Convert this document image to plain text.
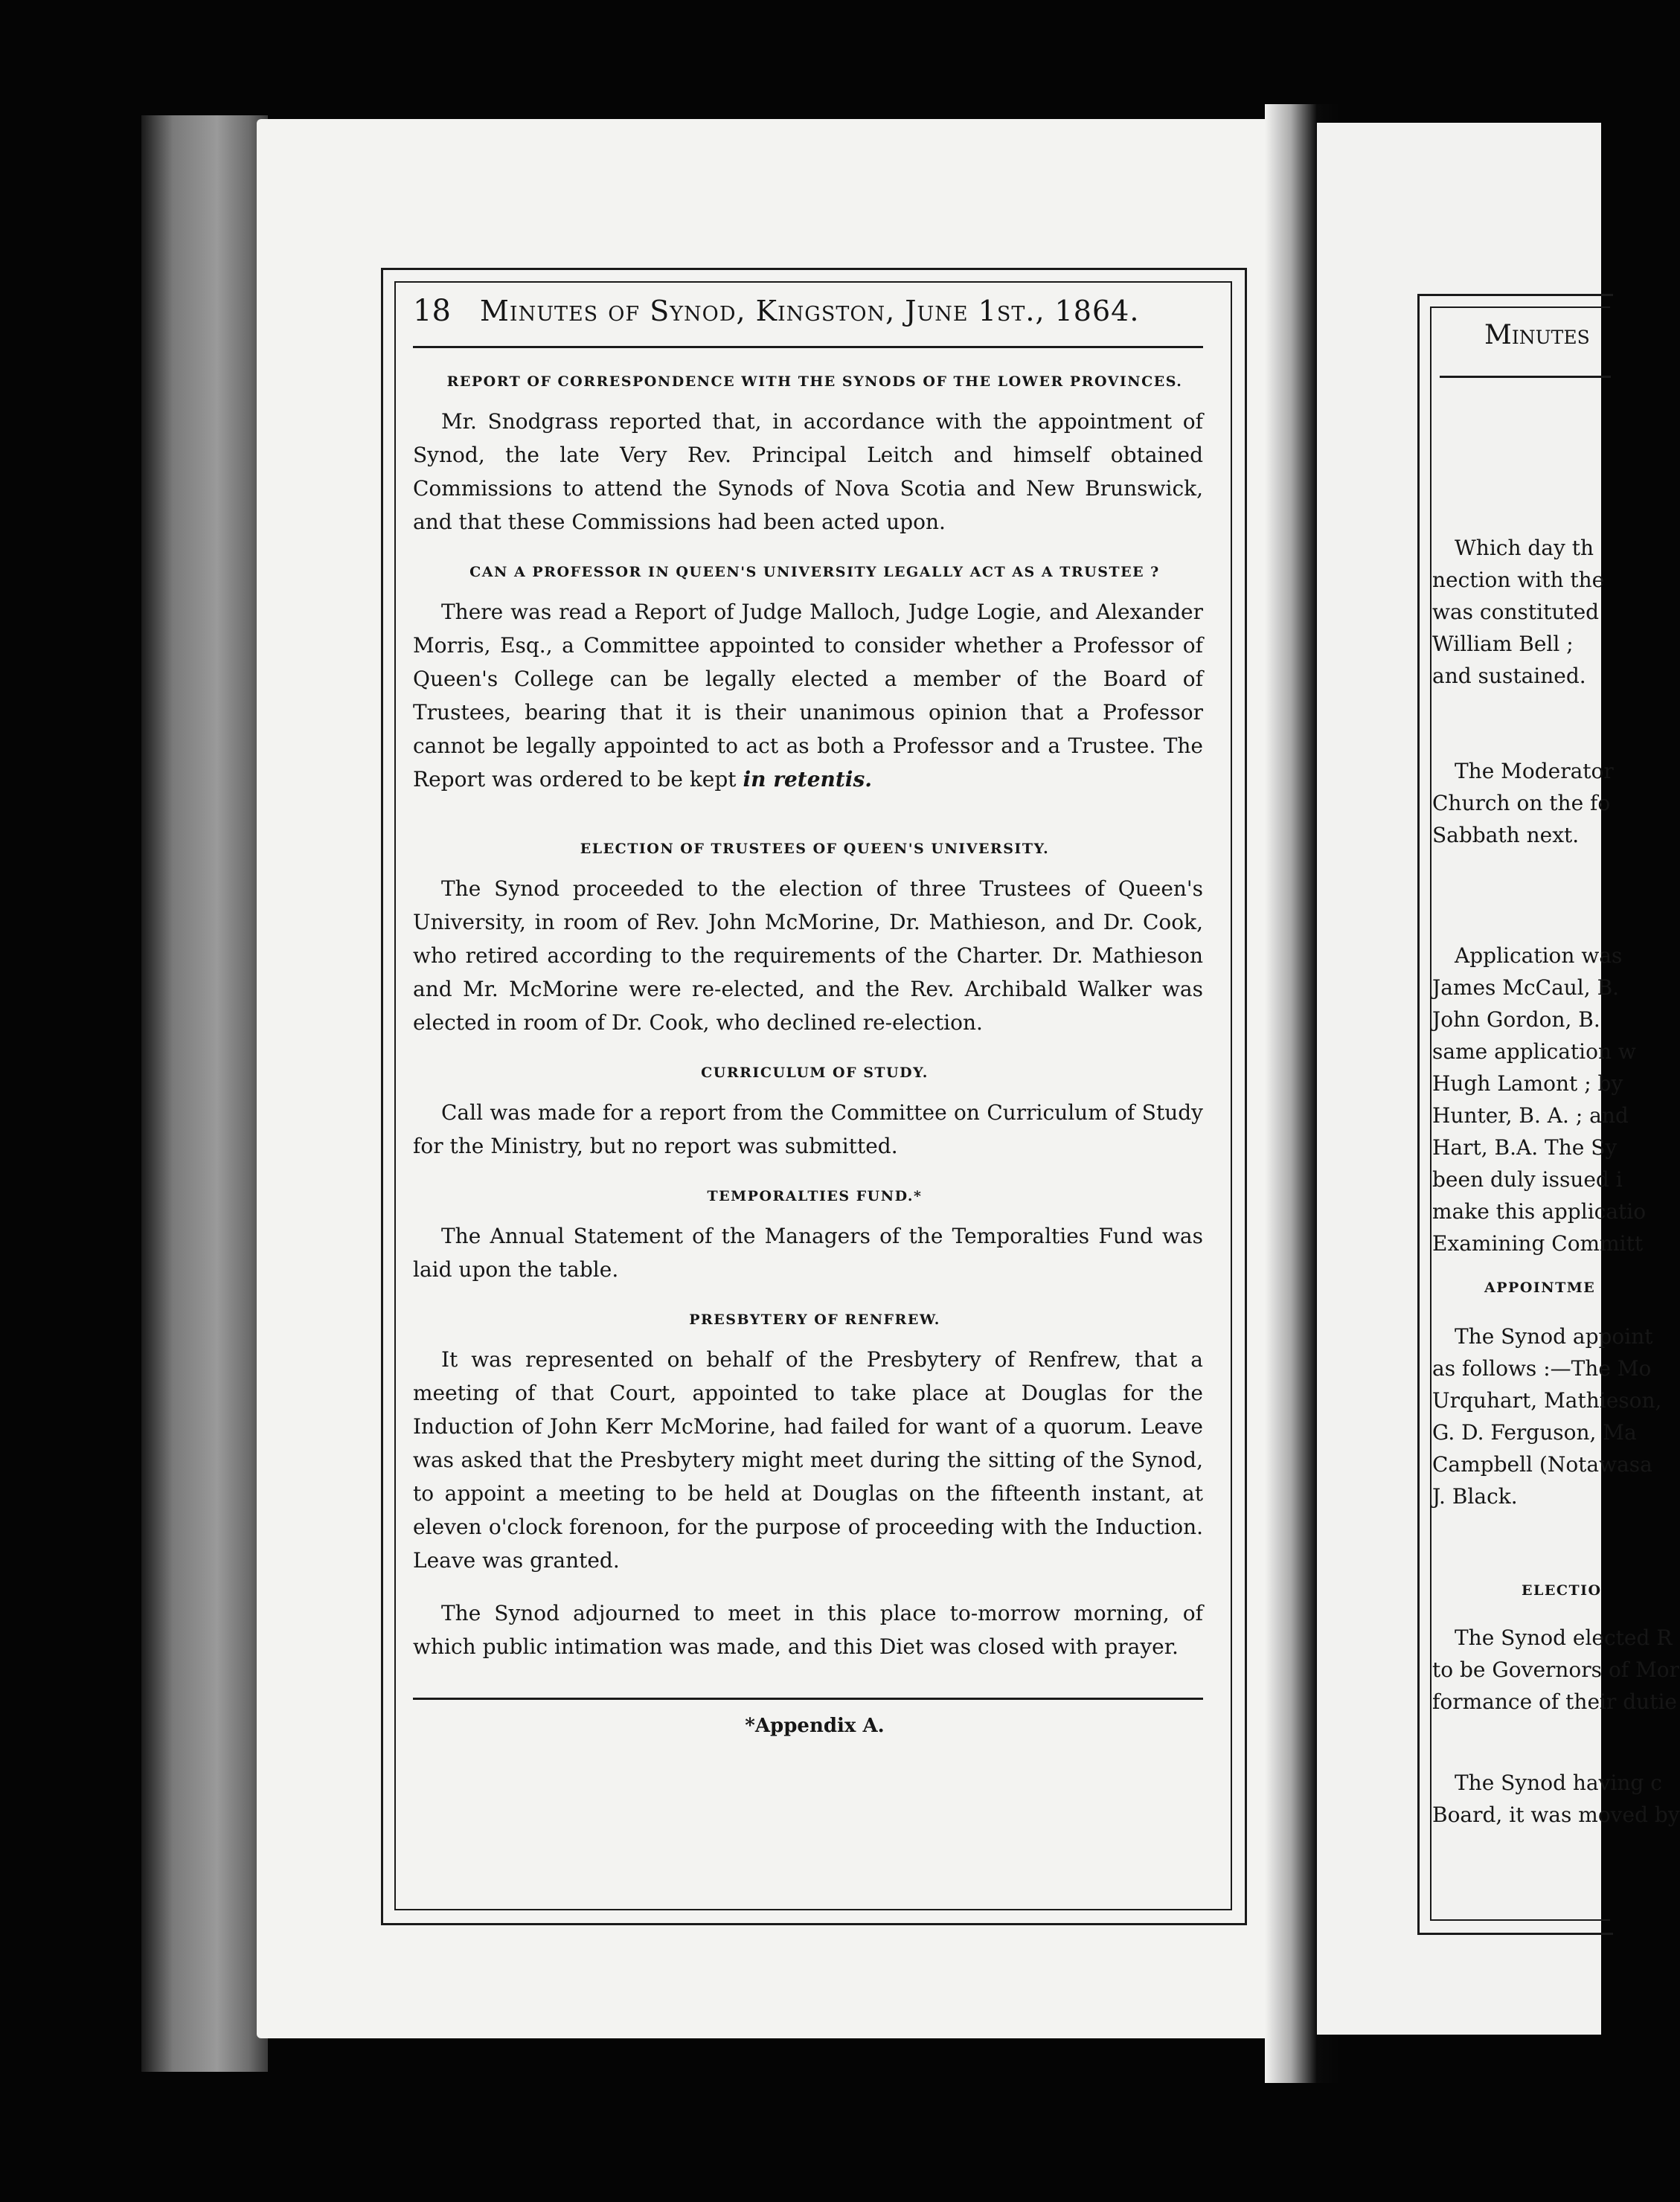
18	Minutes of Synod, Kingston, June 1st., 1864.
REPORT OF CORRESPONDENCE WITH THE SYNODS OF THE LOWER PROVINCES.
Mr. Snodgrass reported that, in accordance with the appointment of Synod, the late Very Rev. Principal Leitch and himself obtained Commissions to attend the Synods of Nova Scotia and New Brunswick, and that these Commissions had been acted upon.
CAN A PROFESSOR IN QUEEN'S UNIVERSITY LEGALLY ACT AS A TRUSTEE ?
There was read a Report of Judge Malloch, Judge Logie, and Alexander Morris, Esq., a Committee appointed to consider whether a Professor of Queen's College can be legally elected a member of the Board of Trustees, bearing that it is their unanimous opinion that a Professor cannot be legally appointed to act as both a Professor and a Trustee. The Report was ordered to be kept in retentis.
ELECTION OF TRUSTEES OF QUEEN'S UNIVERSITY.
The Synod proceeded to the election of three Trustees of Queen's University, in room of Rev. John McMorine, Dr. Mathieson, and Dr. Cook, who retired according to the requirements of the Charter. Dr. Mathieson and Mr. McMorine were re-elected, and the Rev. Archibald Walker was elected in room of Dr. Cook, who declined re-election.
CURRICULUM OF STUDY.
Call was made for a report from the Committee on Curriculum of Study for the Ministry, but no report was submitted.
TEMPORALTIES FUND.*
The Annual Statement of the Managers of the Temporalties Fund was laid upon the table.
PRESBYTERY OF RENFREW.
It was represented on behalf of the Presbytery of Renfrew, that a meeting of that Court, appointed to take place at Douglas for the Induction of John Kerr McMorine, had failed for want of a quorum. Leave was asked that the Presbytery might meet during the sitting of the Synod, to appoint a meeting to be held at Douglas on the fifteenth instant, at eleven o'clock forenoon, for the purpose of proceeding with the Induction. Leave was granted.
The Synod adjourned to meet in this place to-morrow morning, of which public intimation was made, and this Diet was closed with prayer.
*Appendix A.
Minutes
Which day th
nection with the
was constituted
William Bell ;
and sustained.
The Moderator
Church on the fo
Sabbath next.
Application was
James McCaul, B.
John Gordon, B.
same application w
Hugh Lamont ; by
Hunter, B. A. ; and
Hart, B.A. The Sy
been duly issued i
make this applicatio
Examining Committ
APPOINTME
The Synod appoint
as follows :—The Mo
Urquhart, Mathieson,
G. D. Ferguson, Ma
Campbell (Notawasa
J. Black.
ELECTIO
The Synod elected R
to be Governors of Mor
formance of their dutie
The Synod having c
Board, it was moved by
